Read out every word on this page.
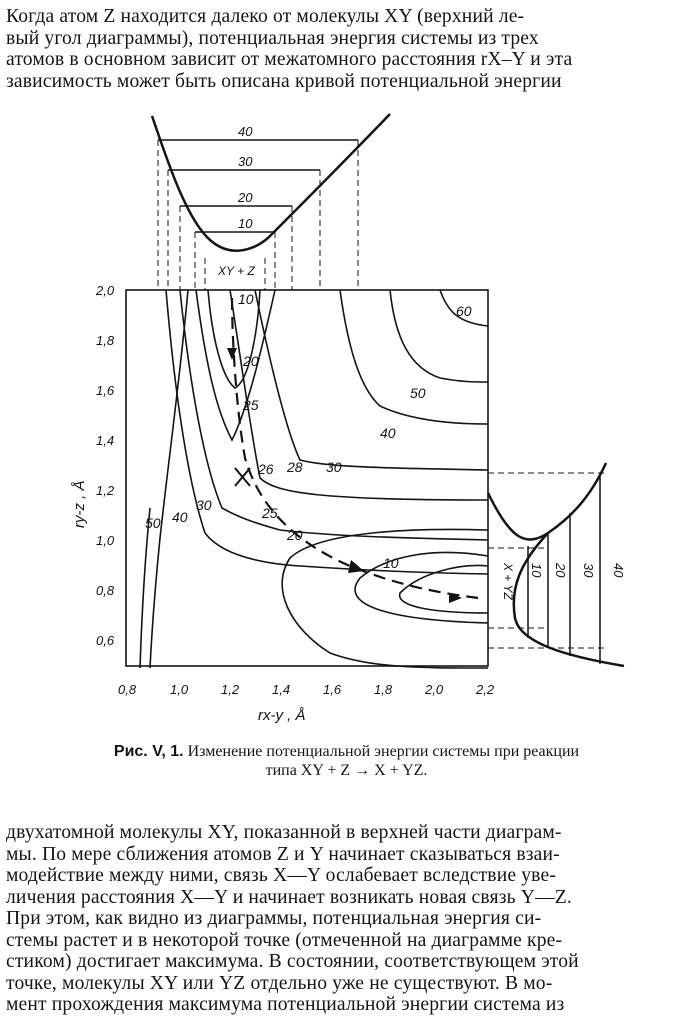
Когда атом Z находится далеко от молекулы XY (верхний ле-
вый угол диаграммы), потенциальная энергия системы из трех
атомов в основном зависит от межатомного расстояния rX–Y и эта
зависимость может быть описана кривой потенциальной энергии
40
30
20
10
XY + Z
10 20 30 40
X + YZ
2,0
1,8
1,6
1,4
1,2
1,0
0,8
0,6
0,8	1,0	1,2	1,4	1,6	1,8	2,0	2,2
rx-y , Å
ry-z , Å
60
50
40
30
28
26
25
20
10
25
20
10
30
40
50
Рис. V, 1. Изменение потенциальной энергии системы при реакции
типа XY + Z → X + YZ.
двухатомной молекулы XY, показанной в верхней части диаграм-
мы. По мере сближения атомов Z и Y начинает сказываться взаи-
модействие между ними, связь X—Y ослабевает вследствие уве-
личения расстояния X—Y и начинает возникать новая связь Y—Z.
При этом, как видно из диаграммы, потенциальная энергия си-
стемы растет и в некоторой точке (отмеченной на диаграмме кре-
стиком) достигает максимума. В состоянии, соответствующем этой
точке, молекулы XY или YZ отдельно уже не существуют. В мо-
мент прохождения максимума потенциальной энергии система из
